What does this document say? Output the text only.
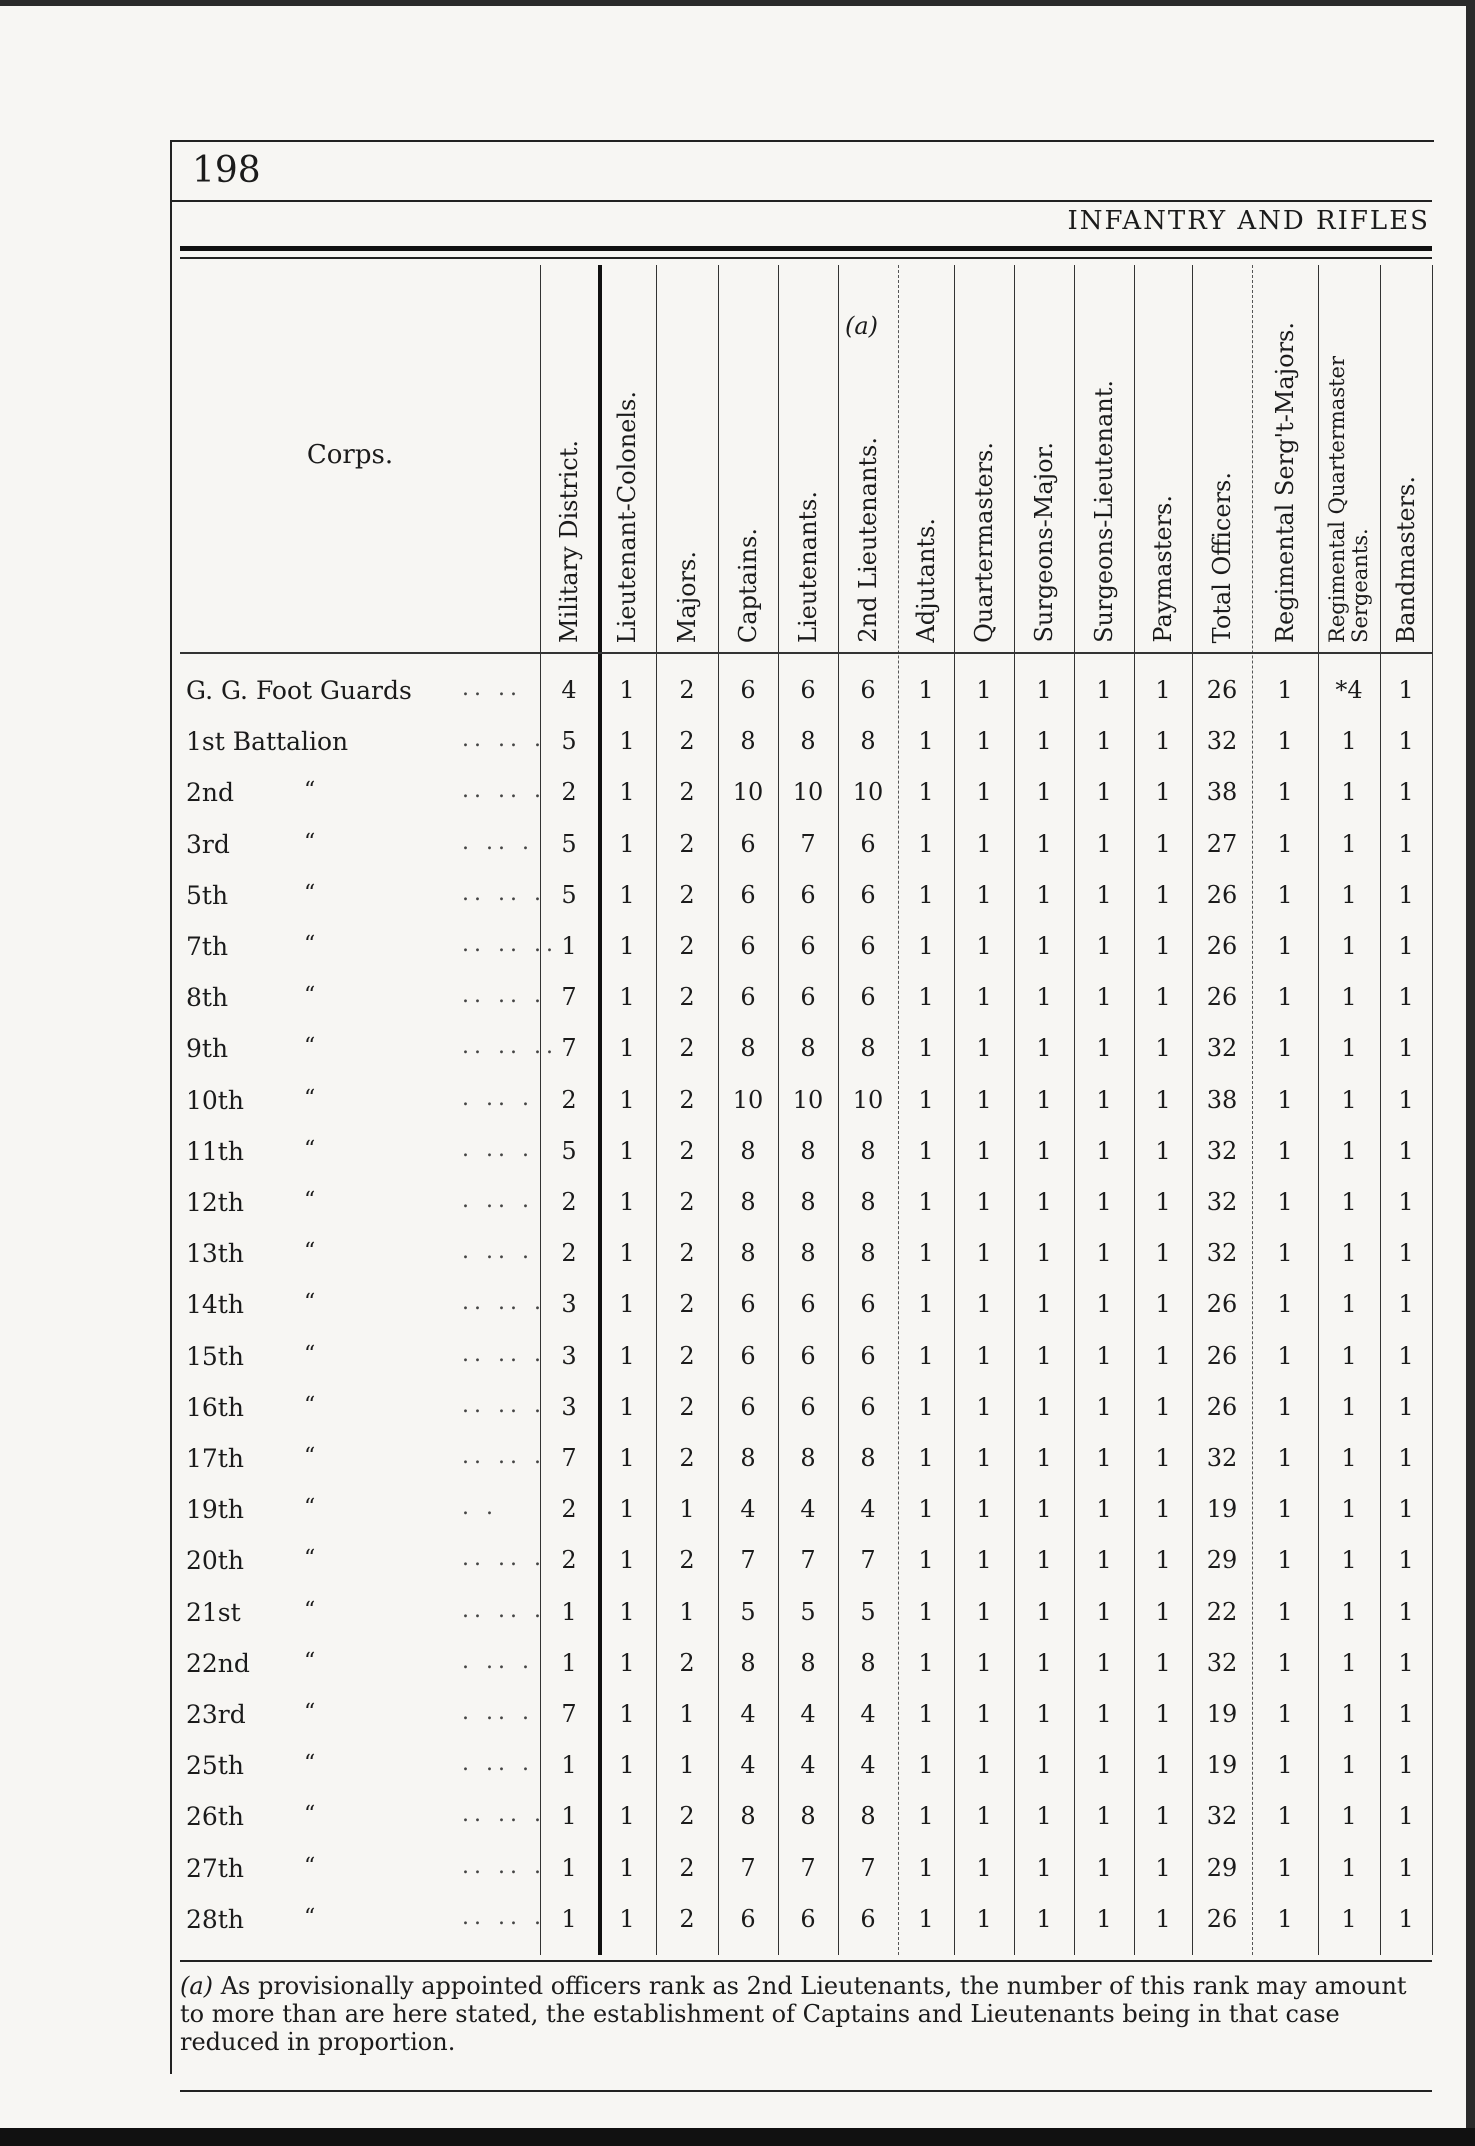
198
INFANTRY AND RIFLES
Corps.
(a)
Military District. Lieutenant-Colonels. Majors. Captains. Lieutenants. 2nd Lieutenants. Adjutants. Quartermasters. Surgeons-Major. Surgeons-Lieutenant. Paymasters. Total Officers. Regimental Serg't-Majors. Regimental Quartermaster Sergeants. Bandmasters.
G. G. Foot Guards .. ..	4	1	2	6	6	6	1	1	1	1	1	26	1	*4	1
1st Battalion	.. .. . 5	1	2	8	8	8	1	1	1	1	1	32	1	1	1
2nd	“	.. .. . 2	1	2	10	10	10	1	1	1	1	1	38	1	1	1
3rd	“	. .. .	5	1	2	6	7	6	1	1	1	1	1	27	1	1	1
5th	“	.. .. . 5	1	2	6	6	6	1	1	1	1	1	26	1	1	1
7th	“	.. .. .. 1	1	2	6	6	6	1	1	1	1	1	26	1	1	1
8th	“	.. .. . 7	1	2	6	6	6	1	1	1	1	1	26	1	1	1
9th	“	.. .. .. 7	1	2	8	8	8	1	1	1	1	1	32	1	1	1
10th	“	. .. .	2	1	2	10	10	10	1	1	1	1	1	38	1	1	1
11th	“	. .. .	5	1	2	8	8	8	1	1	1	1	1	32	1	1	1
12th	“	. .. .	2	1	2	8	8	8	1	1	1	1	1	32	1	1	1
13th	“	. .. .	2	1	2	8	8	8	1	1	1	1	1	32	1	1	1
14th	“	.. .. . 3	1	2	6	6	6	1	1	1	1	1	26	1	1	1
15th	“	.. .. . 3	1	2	6	6	6	1	1	1	1	1	26	1	1	1
16th	“	.. .. . 3	1	2	6	6	6	1	1	1	1	1	26	1	1	1
17th	“	.. .. . 7	1	2	8	8	8	1	1	1	1	1	32	1	1	1
19th	“	. .	2	1	1	4	4	4	1	1	1	1	1	19	1	1	1
20th	“	.. .. . 2	1	2	7	7	7	1	1	1	1	1	29	1	1	1
21st	“	.. .. . 1	1	1	5	5	5	1	1	1	1	1	22	1	1	1
22nd “	. .. .	1	1	2	8	8	8	1	1	1	1	1	32	1	1	1
23rd	“	. .. .	7	1	1	4	4	4	1	1	1	1	1	19	1	1	1
25th	“	. .. .	1	1	1	4	4	4	1	1	1	1	1	19	1	1	1
26th	“	.. .. . 1	1	2	8	8	8	1	1	1	1	1	32	1	1	1
27th	“	.. .. . 1	1	2	7	7	7	1	1	1	1	1	29	1	1	1
28th	“	.. .. . 1	1	2	6	6	6	1	1	1	1	1	26	1	1	1
(a) As provisionally appointed officers rank as 2nd Lieutenants, the number of this rank may amount to more than are here stated, the establishment of Captains and Lieutenants being in that case reduced in proportion.
